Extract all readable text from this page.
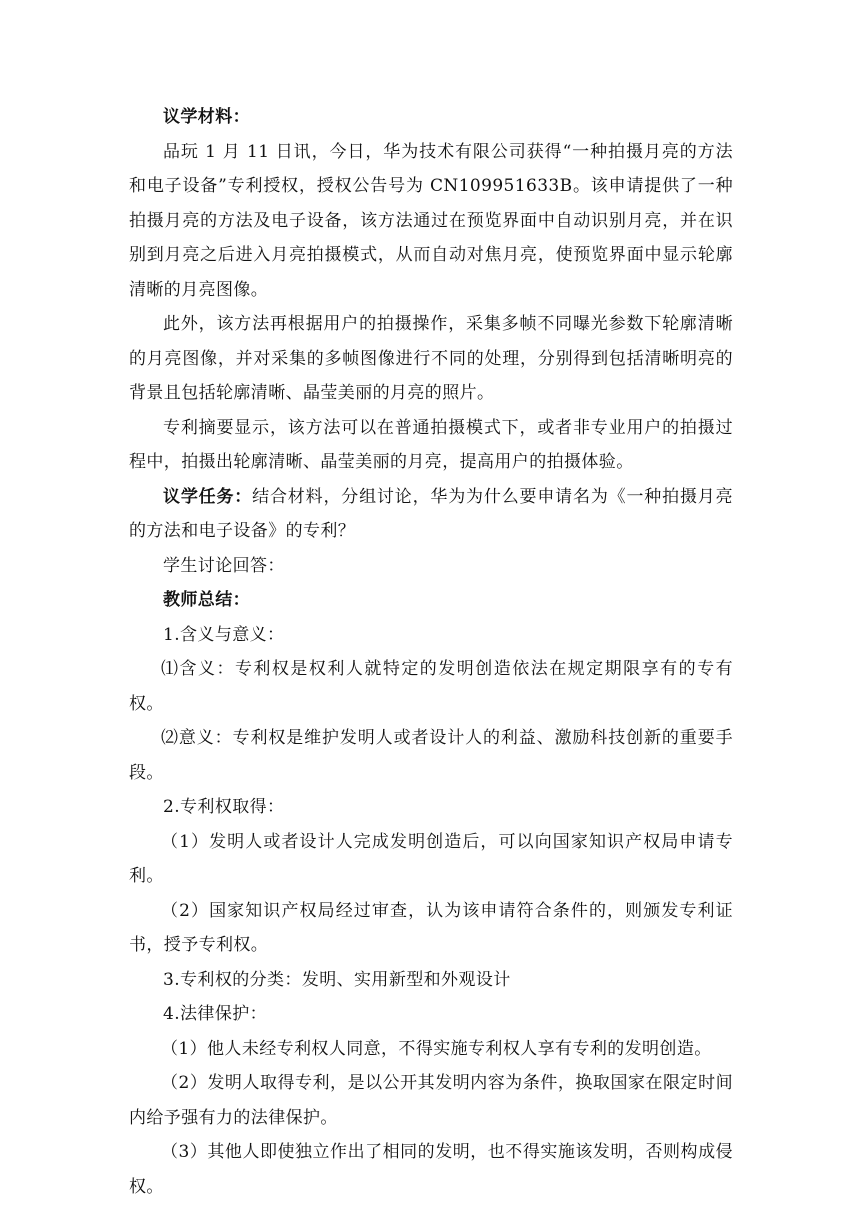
议学材料：

品玩 1 月 11 日讯，今日，华为技术有限公司获得“一种拍摄月亮的方法和电子设备”专利授权，授权公告号为 CN109951633B。该申请提供了一种拍摄月亮的方法及电子设备，该方法通过在预览界面中自动识别月亮，并在识别到月亮之后进入月亮拍摄模式，从而自动对焦月亮，使预览界面中显示轮廓清晰的月亮图像。

此外，该方法再根据用户的拍摄操作，采集多帧不同曝光参数下轮廓清晰的月亮图像，并对采集的多帧图像进行不同的处理，分别得到包括清晰明亮的背景且包括轮廓清晰、晶莹美丽的月亮的照片。

专利摘要显示，该方法可以在普通拍摄模式下，或者非专业用户的拍摄过程中，拍摄出轮廓清晰、晶莹美丽的月亮，提高用户的拍摄体验。

议学任务：结合材料，分组讨论，华为为什么要申请名为《一种拍摄月亮的方法和电子设备》的专利？

学生讨论回答：

教师总结：

1.含义与意义：

⑴含义：专利权是权利人就特定的发明创造依法在规定期限享有的专有权。

⑵意义：专利权是维护发明人或者设计人的利益、激励科技创新的重要手段。

2.专利权取得：

（1）发明人或者设计人完成发明创造后，可以向国家知识产权局申请专利。

（2）国家知识产权局经过审查，认为该申请符合条件的，则颁发专利证书，授予专利权。

3.专利权的分类：发明、实用新型和外观设计

4.法律保护：

（1）他人未经专利权人同意，不得实施专利权人享有专利的发明创造。

（2）发明人取得专利，是以公开其发明内容为条件，换取国家在限定时间内给予强有力的法律保护。

（3）其他人即使独立作出了相同的发明，也不得实施该发明，否则构成侵权。
